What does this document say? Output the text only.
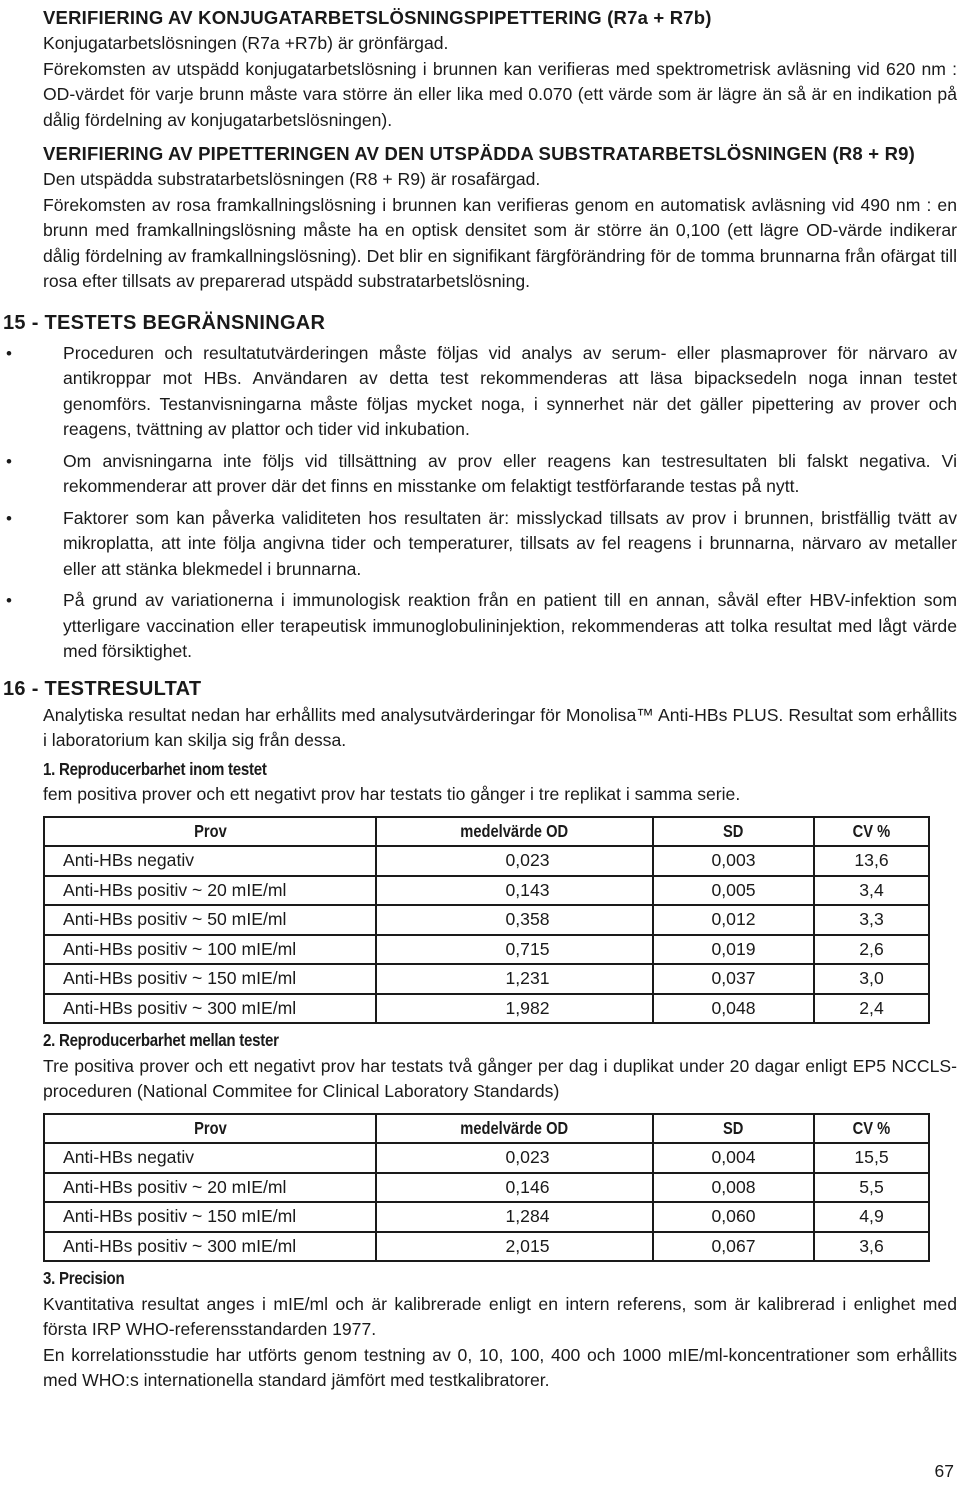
VERIFIERING AV KONJUGATARBETSLÖSNINGSPIPETTERING (R7a + R7b)

Konjugatarbetslösningen (R7a +R7b) är grönfärgad.

Förekomsten av utspädd konjugatarbetslösning i brunnen kan verifieras med spektrometrisk avläsning vid 620 nm : OD-värdet för varje brunn måste vara större än eller lika med 0.070 (ett värde som är lägre än så är en indikation på dålig fördelning av konjugatarbetslösningen).

VERIFIERING AV PIPETTERINGEN AV DEN UTSPÄDDA SUBSTRATARBETSLÖSNINGEN (R8 + R9)

Den utspädda substratarbetslösningen (R8 + R9) är rosafärgad.

Förekomsten av rosa framkallningslösning i brunnen kan verifieras genom en automatisk avläsning vid 490 nm : en brunn med framkallningslösning måste ha en optisk densitet som är större än 0,100 (ett lägre OD-värde indikerar dålig fördelning av framkallningslösning). Det blir en signifikant färgförändring för de tomma brunnarna från ofärgat till rosa efter tillsats av preparerad utspädd substratarbetslösning.

15 - TESTETS BEGRÄNSNINGAR

• Proceduren och resultatutvärderingen måste följas vid analys av serum- eller plasmaprover för närvaro av antikroppar mot HBs. Användaren av detta test rekommenderas att läsa bipacksedeln noga innan testet genomförs. Testanvisningarna måste följas mycket noga, i synnerhet när det gäller pipettering av prover och reagens, tvättning av plattor och tider vid inkubation.
• Om anvisningarna inte följs vid tillsättning av prov eller reagens kan testresultaten bli falskt negativa. Vi rekommenderar att prover där det finns en misstanke om felaktigt testförfarande testas på nytt.
• Faktorer som kan påverka validiteten hos resultaten är: misslyckad tillsats av prov i brunnen, bristfällig tvätt av mikroplatta, att inte följa angivna tider och temperaturer, tillsats av fel reagens i brunnarna, närvaro av metaller eller att stänka blekmedel i brunnarna.
• På grund av variationerna i immunologisk reaktion från en patient till en annan, såväl efter HBV-infektion som ytterligare vaccination eller terapeutisk immunoglobulininjektion, rekommenderas att tolka resultat med lågt värde med försiktighet.

16 - TESTRESULTAT

Analytiska resultat nedan har erhållits med analysutvärderingar för Monolisa™ Anti-HBs PLUS. Resultat som erhållits i laboratorium kan skilja sig från dessa.

1. Reproducerbarhet inom testet

fem positiva prover och ett negativt prov har testats tio gånger i tre replikat i samma serie.

Prov	medelvärde OD	SD	CV %
Anti-HBs negativ	0,023	0,003	13,6
Anti-HBs positiv ~ 20 mIE/ml	0,143	0,005	3,4
Anti-HBs positiv ~ 50 mIE/ml	0,358	0,012	3,3
Anti-HBs positiv ~ 100 mIE/ml	0,715	0,019	2,6
Anti-HBs positiv ~ 150 mIE/ml	1,231	0,037	3,0
Anti-HBs positiv ~ 300 mIE/ml	1,982	0,048	2,4

2. Reproducerbarhet mellan tester

Tre positiva prover och ett negativt prov har testats två gånger per dag i duplikat under 20 dagar enligt EP5 NCCLS-proceduren (National Commitee for Clinical Laboratory Standards)

Prov	medelvärde OD	SD	CV %
Anti-HBs negativ	0,023	0,004	15,5
Anti-HBs positiv ~ 20 mIE/ml	0,146	0,008	5,5
Anti-HBs positiv ~ 150 mIE/ml	1,284	0,060	4,9
Anti-HBs positiv ~ 300 mIE/ml	2,015	0,067	3,6

3. Precision

Kvantitativa resultat anges i mIE/ml och är kalibrerade enligt en intern referens, som är kalibrerad i enlighet med första IRP WHO-referensstandarden 1977.

En korrelationsstudie har utförts genom testning av 0, 10, 100, 400 och 1000 mIE/ml-koncentrationer som erhållits med WHO:s internationella standard jämfört med testkalibratorer.

67
